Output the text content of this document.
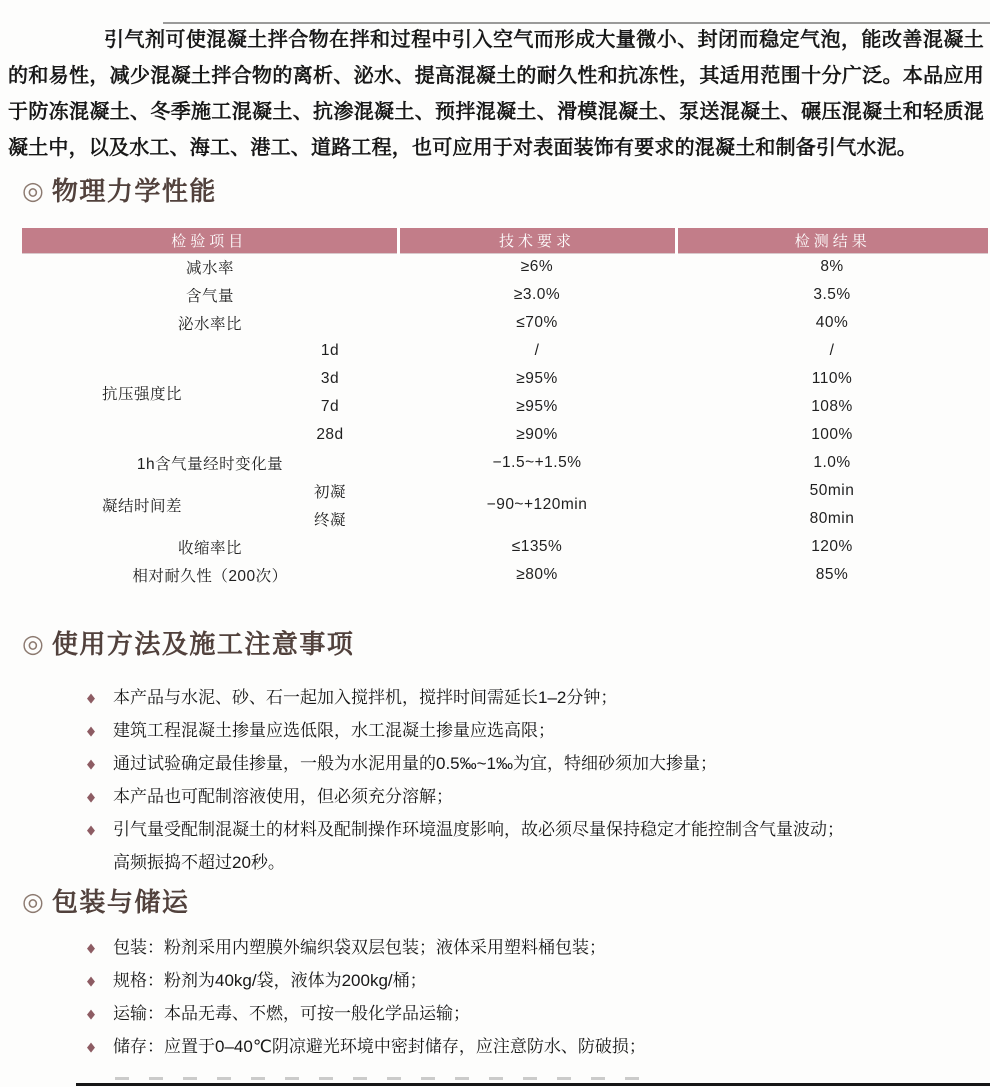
引气剂可使混凝土拌合物在拌和过程中引入空气而形成大量微小、封闭而稳定气泡，能改善混凝土的和易性，减少混凝土拌合物的离析、泌水、提高混凝土的耐久性和抗冻性，其适用范围十分广泛。本品应用于防冻混凝土、冬季施工混凝土、抗渗混凝土、预拌混凝土、滑模混凝土、泵送混凝土、碾压混凝土和轻质混凝土中，以及水工、海工、港工、道路工程，也可应用于对表面装饰有要求的混凝土和制备引气水泥。

◎ 物理力学性能
检验项目		技术要求	检测结果
减水率		≥6%	8%
含气量		≥3.0%	3.5%
泌水率比		≤70%	40%
抗压强度比	1d	/	/
	3d	≥95%	110%
	7d	≥95%	108%
	28d	≥90%	100%
1h含气量经时变化量		−1.5~+1.5%	1.0%
凝结时间差	初凝	−90~+120min	50min
	终凝		80min
收缩率比		≤135%	120%
相对耐久性（200次）		≥80%	85%
◎ 使用方法及施工注意事项
◆ 本产品与水泥、砂、石一起加入搅拌机，搅拌时间需延长1–2分钟；
◆ 建筑工程混凝土掺量应选低限，水工混凝土掺量应选高限；
◆ 通过试验确定最佳掺量，一般为水泥用量的0.5‰~1‰为宜，特细砂须加大掺量；
◆ 本产品也可配制溶液使用，但必须充分溶解；
◆ 引气量受配制混凝土的材料及配制操作环境温度影响，故必须尽量保持稳定才能控制含气量波动；
高频振捣不超过20秒。
◎ 包装与储运
◆ 包装：粉剂采用内塑膜外编织袋双层包装；液体采用塑料桶包装；
◆ 规格：粉剂为40kg/袋，液体为200kg/桶；
◆ 运输：本品无毒、不燃，可按一般化学品运输；
◆ 储存：应置于0–40℃阴凉避光环境中密封储存，应注意防水、防破损；
